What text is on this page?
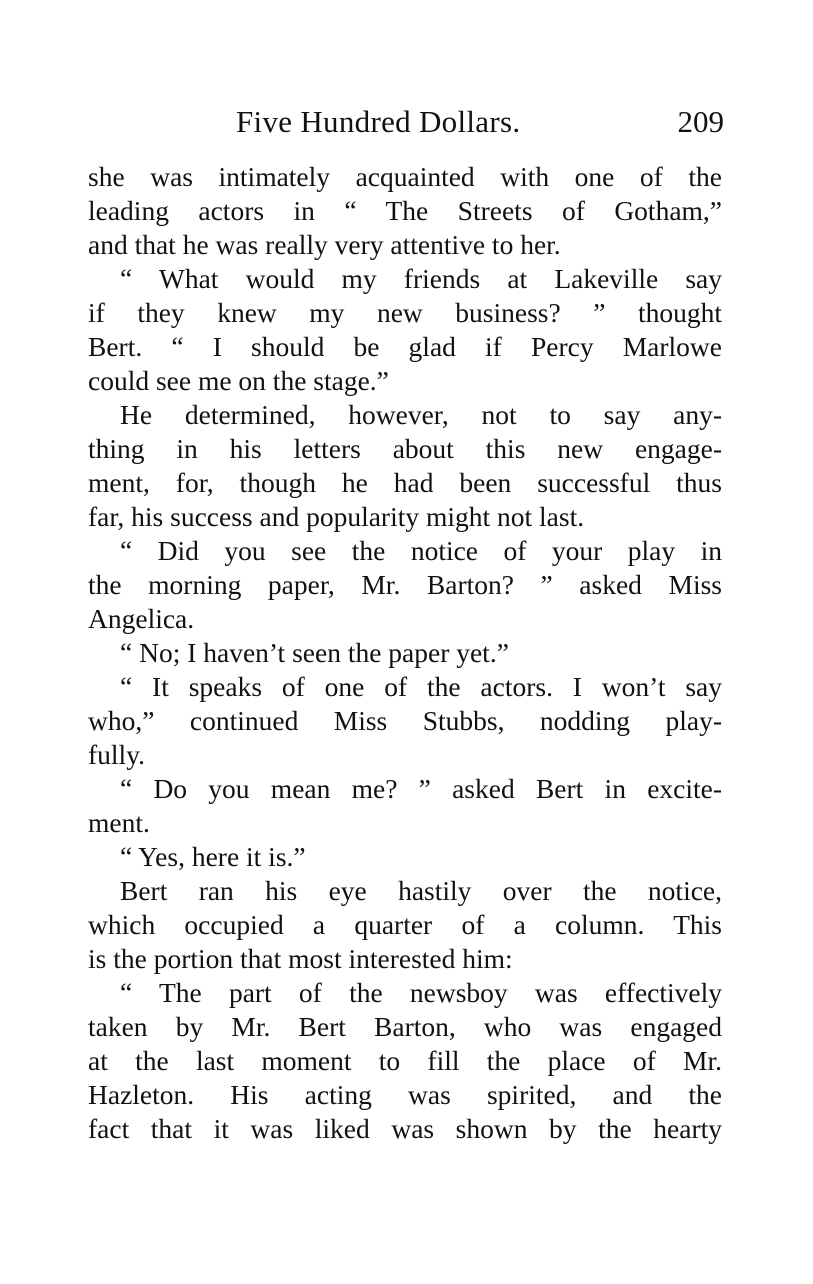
Five Hundred Dollars.	209
she was intimately acquainted with one of the
leading actors in “ The Streets of Gotham,”
and that he was really very attentive to her.
“ What would my friends at Lakeville say
if they knew my new business? ” thought
Bert. “ I should be glad if Percy Marlowe
could see me on the stage.”
He determined, however, not to say any-
thing in his letters about this new engage-
ment, for, though he had been successful thus
far, his success and popularity might not last.
“ Did you see the notice of your play in
the morning paper, Mr. Barton? ” asked Miss
Angelica.
“ No; I haven’t seen the paper yet.”
“ It speaks of one of the actors. I won’t say
who,” continued Miss Stubbs, nodding play-
fully.
“ Do you mean me? ” asked Bert in excite-
ment.
“ Yes, here it is.”
Bert ran his eye hastily over the notice,
which occupied a quarter of a column. This
is the portion that most interested him:
“ The part of the newsboy was effectively
taken by Mr. Bert Barton, who was engaged
at the last moment to fill the place of Mr.
Hazleton. His acting was spirited, and the
fact that it was liked was shown by the hearty
